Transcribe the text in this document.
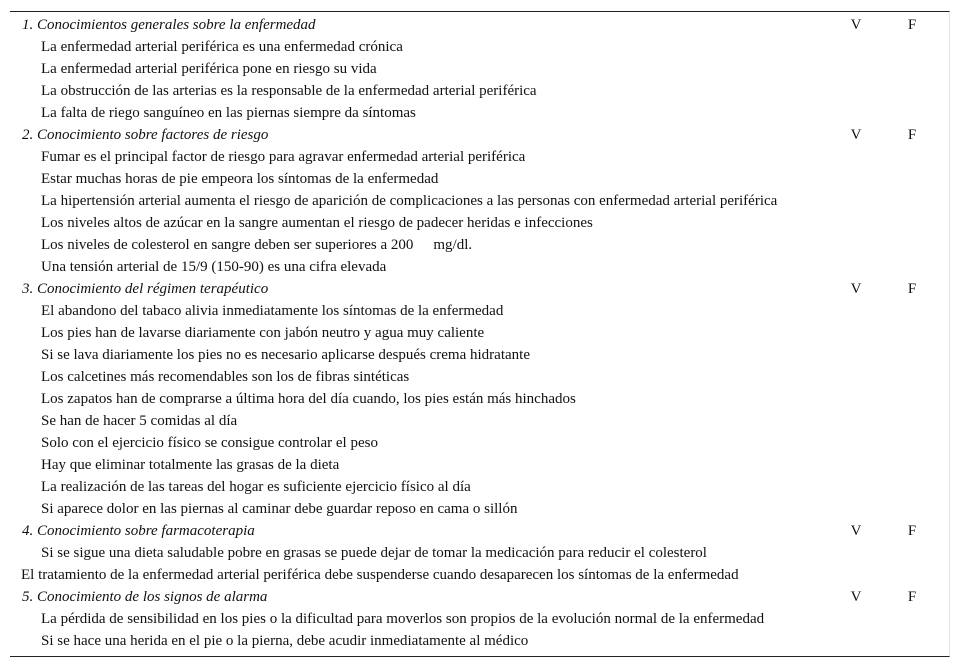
1. Conocimientos generales sobre la enfermedad	V	F
La enfermedad arterial periférica es una enfermedad crónica
La enfermedad arterial periférica pone en riesgo su vida
La obstrucción de las arterias es la responsable de la enfermedad arterial periférica
La falta de riego sanguíneo en las piernas siempre da síntomas
2. Conocimiento sobre factores de riesgo	V	F
Fumar es el principal factor de riesgo para agravar enfermedad arterial periférica
Estar muchas horas de pie empeora los síntomas de la enfermedad
La hipertensión arterial aumenta el riesgo de aparición de complicaciones a las personas con enfermedad arterial periférica
Los niveles altos de azúcar en la sangre aumentan el riesgo de padecer heridas e infecciones
Los niveles de colesterol en sangre deben ser superiores a 200 mg/dl.
Una tensión arterial de 15/9 (150-90) es una cifra elevada
3. Conocimiento del régimen terapéutico	V	F
El abandono del tabaco alivia inmediatamente los síntomas de la enfermedad
Los pies han de lavarse diariamente con jabón neutro y agua muy caliente
Si se lava diariamente los pies no es necesario aplicarse después crema hidratante
Los calcetines más recomendables son los de fibras sintéticas
Los zapatos han de comprarse a última hora del día cuando, los pies están más hinchados
Se han de hacer 5 comidas al día
Solo con el ejercicio físico se consigue controlar el peso
Hay que eliminar totalmente las grasas de la dieta
La realización de las tareas del hogar es suficiente ejercicio físico al día
Si aparece dolor en las piernas al caminar debe guardar reposo en cama o sillón
4. Conocimiento sobre farmacoterapia	V	F
Si se sigue una dieta saludable pobre en grasas se puede dejar de tomar la medicación para reducir el colesterol
El tratamiento de la enfermedad arterial periférica debe suspenderse cuando desaparecen los síntomas de la enfermedad
5. Conocimiento de los signos de alarma	V	F
La pérdida de sensibilidad en los pies o la dificultad para moverlos son propios de la evolución normal de la enfermedad
Si se hace una herida en el pie o la pierna, debe acudir inmediatamente al médico
